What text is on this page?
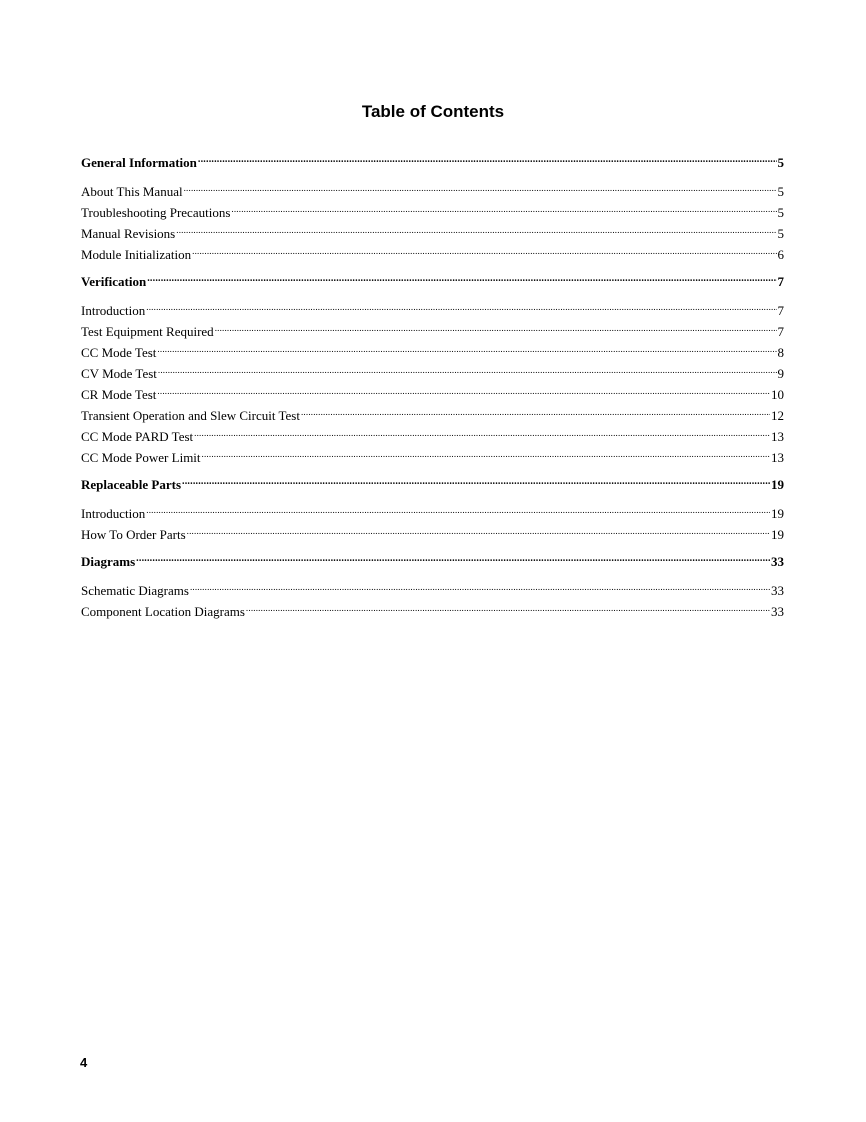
Table of Contents
General Information .....	5
About This Manual .....	5
Troubleshooting Precautions .....	5
Manual Revisions .....	5
Module Initialization .....	6
Verification .....	7
Introduction .....	7
Test Equipment Required .....	7
CC Mode Test .....	8
CV Mode Test .....	9
CR Mode Test .....	10
Transient Operation and Slew Circuit Test .....	12
CC Mode PARD Test .....	13
CC Mode Power Limit .....	13
Replaceable Parts .....	19
Introduction .....	19
How To Order Parts .....	19
Diagrams .....	33
Schematic Diagrams .....	33
Component Location Diagrams .....	33
4
